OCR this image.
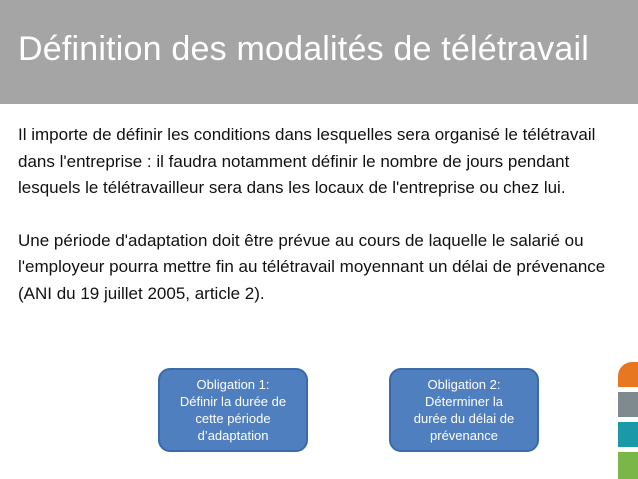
Définition des modalités de télétravail

Il importe de définir les conditions dans lesquelles sera organisé le télétravail dans l'entreprise : il faudra notamment définir le nombre de jours pendant lesquels le télétravailleur sera dans les locaux de l'entreprise ou chez lui.

Une période d'adaptation doit être prévue au cours de laquelle le salarié ou l'employeur pourra mettre fin au télétravail moyennant un délai de prévenance (ANI du 19 juillet 2005, article 2).

Obligation 1:
Définir la durée de
cette période
d’adaptation
Obligation 2:
Déterminer la
durée du délai de
prévenance
